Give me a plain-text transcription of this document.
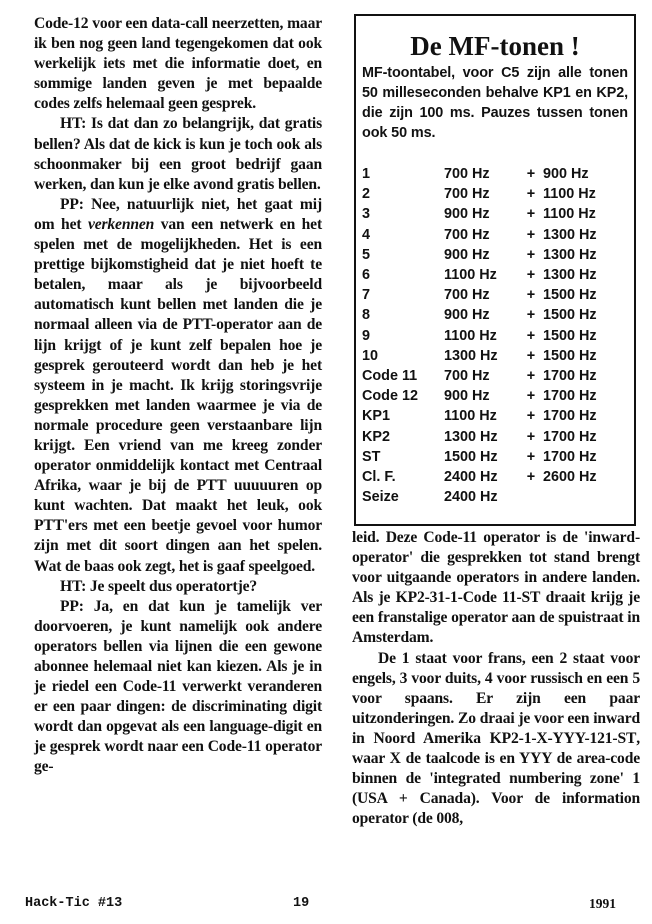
Code-12 voor een data-call neerzetten, maar ik ben nog geen land tegengekomen dat ook werkelijk iets met die informatie doet, en sommige landen geven je met bepaalde codes zelfs helemaal geen gesprek.

HT: Is dat dan zo belangrijk, dat gratis bellen? Als dat de kick is kun je toch ook als schoonmaker bij een groot bedrijf gaan werken, dan kun je elke avond gratis bellen.

PP: Nee, natuurlijk niet, het gaat mij om het verkennen van een netwerk en het spelen met de mogelijkheden. Het is een prettige bijkomstigheid dat je niet hoeft te betalen, maar als je bijvoorbeeld automatisch kunt bellen met landen die je normaal alleen via de PTT-operator aan de lijn krijgt of je kunt zelf bepalen hoe je gesprek gerouteerd wordt dan heb je het systeem in je macht. Ik krijg storingsvrije gesprekken met landen waarmee je via de normale procedure geen verstaanbare lijn krijgt. Een vriend van me kreeg zonder operator onmiddelijk kontact met Centraal Afrika, waar je bij de PTT uuuuuren op kunt wachten. Dat maakt het leuk, ook PTT'ers met een beetje gevoel voor humor zijn met dit soort dingen aan het spelen. Wat de baas ook zegt, het is gaaf speelgoed.

HT: Je speelt dus operatortje?

PP: Ja, en dat kun je tamelijk ver doorvoeren, je kunt namelijk ook andere operators bellen via lijnen die een gewone abonnee helemaal niet kan kiezen. Als je in je riedel een Code-11 verwerkt veranderen er een paar dingen: de discriminating digit wordt dan opgevat als een language-digit en je gesprek wordt naar een Code-11 operator ge-

De MF-tonen !
MF-toontabel, voor C5 zijn alle tonen 50 milleseconden behalve KP1 en KP2, die zijn 100 ms. Pauzes tussen tonen ook 50 ms.
1	700 Hz	+	900 Hz
2	700 Hz	+	1100 Hz
3	900 Hz	+	1100 Hz
4	700 Hz	+	1300 Hz
5	900 Hz	+	1300 Hz
6	1100 Hz	+	1300 Hz
7	700 Hz	+	1500 Hz
8	900 Hz	+	1500 Hz
9	1100 Hz	+	1500 Hz
10	1300 Hz	+	1500 Hz
Code 11	700 Hz	+	1700 Hz
Code 12	900 Hz	+	1700 Hz
KP1	1100 Hz	+	1700 Hz
KP2	1300 Hz	+	1700 Hz
ST	1500 Hz	+	1700 Hz
Cl. F.	2400 Hz	+	2600 Hz
Seize	2400 Hz		

leid. Deze Code-11 operator is de 'inward-operator' die gesprekken tot stand brengt voor uitgaande operators in andere landen. Als je KP2-31-1-Code 11-ST draait krijg je een franstalige operator aan de spuistraat in Amsterdam.

De 1 staat voor frans, een 2 staat voor engels, 3 voor duits, 4 voor russisch en een 5 voor spaans. Er zijn een paar uitzonderingen. Zo draai je voor een inward in Noord Amerika KP2-1-X-YYY-121-ST, waar X de taalcode is en YYY de area-code binnen de 'integrated numbering zone' 1 (USA + Canada). Voor de information operator (de 008,

Hack-Tic #13	19	1991
